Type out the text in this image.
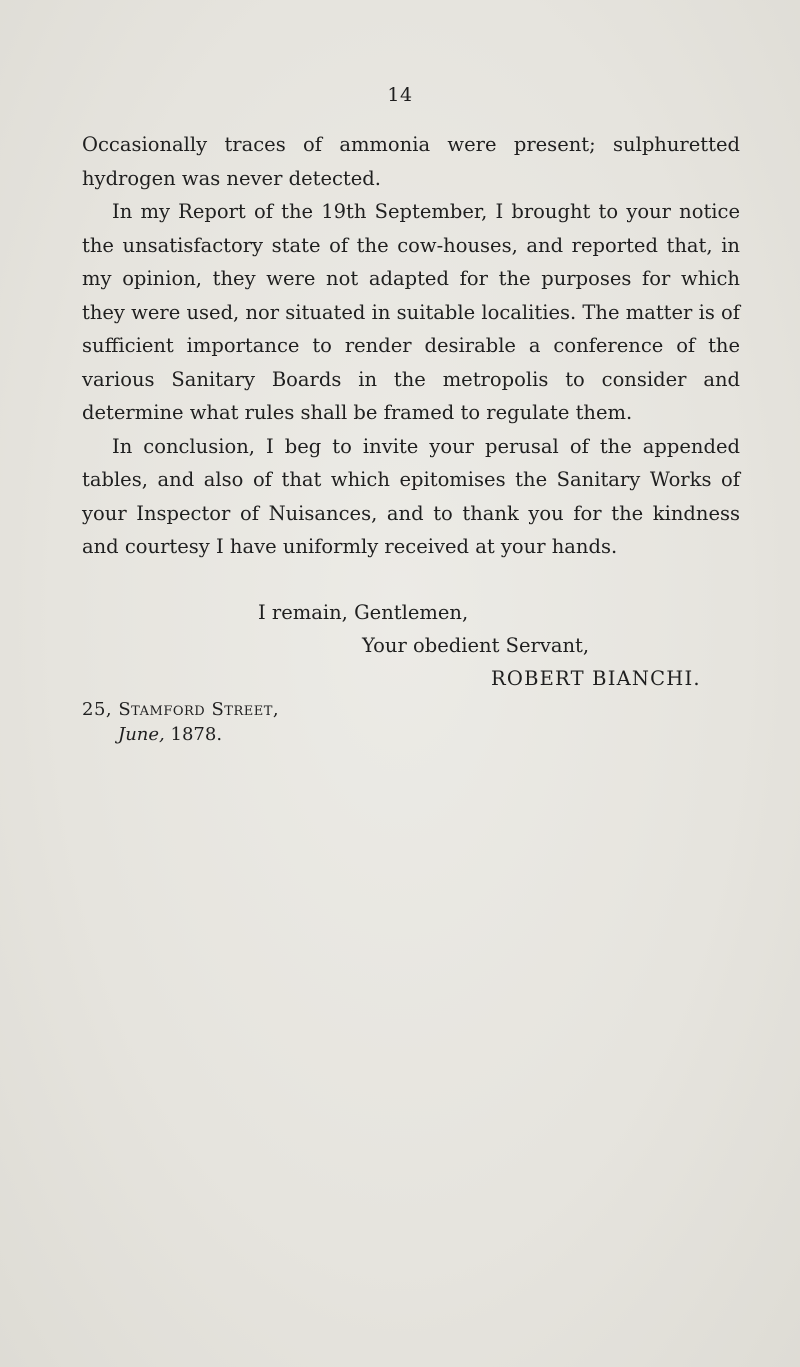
14

Occasionally traces of ammonia were present; sulphuretted hydrogen was never detected.

In my Report of the 19th September, I brought to your notice the unsatisfactory state of the cow-houses, and reported that, in my opinion, they were not adapted for the purposes for which they were used, nor situated in suitable localities. The matter is of sufficient importance to render desirable a conference of the various Sanitary Boards in the metropolis to consider and determine what rules shall be framed to regulate them.

In conclusion, I beg to invite your perusal of the appended tables, and also of that which epitomises the Sanitary Works of your Inspector of Nuisances, and to thank you for the kindness and courtesy I have uniformly received at your hands.

I remain, Gentlemen,
Your obedient Servant,
ROBERT BIANCHI.
25, Stamford Street,
June, 1878.
